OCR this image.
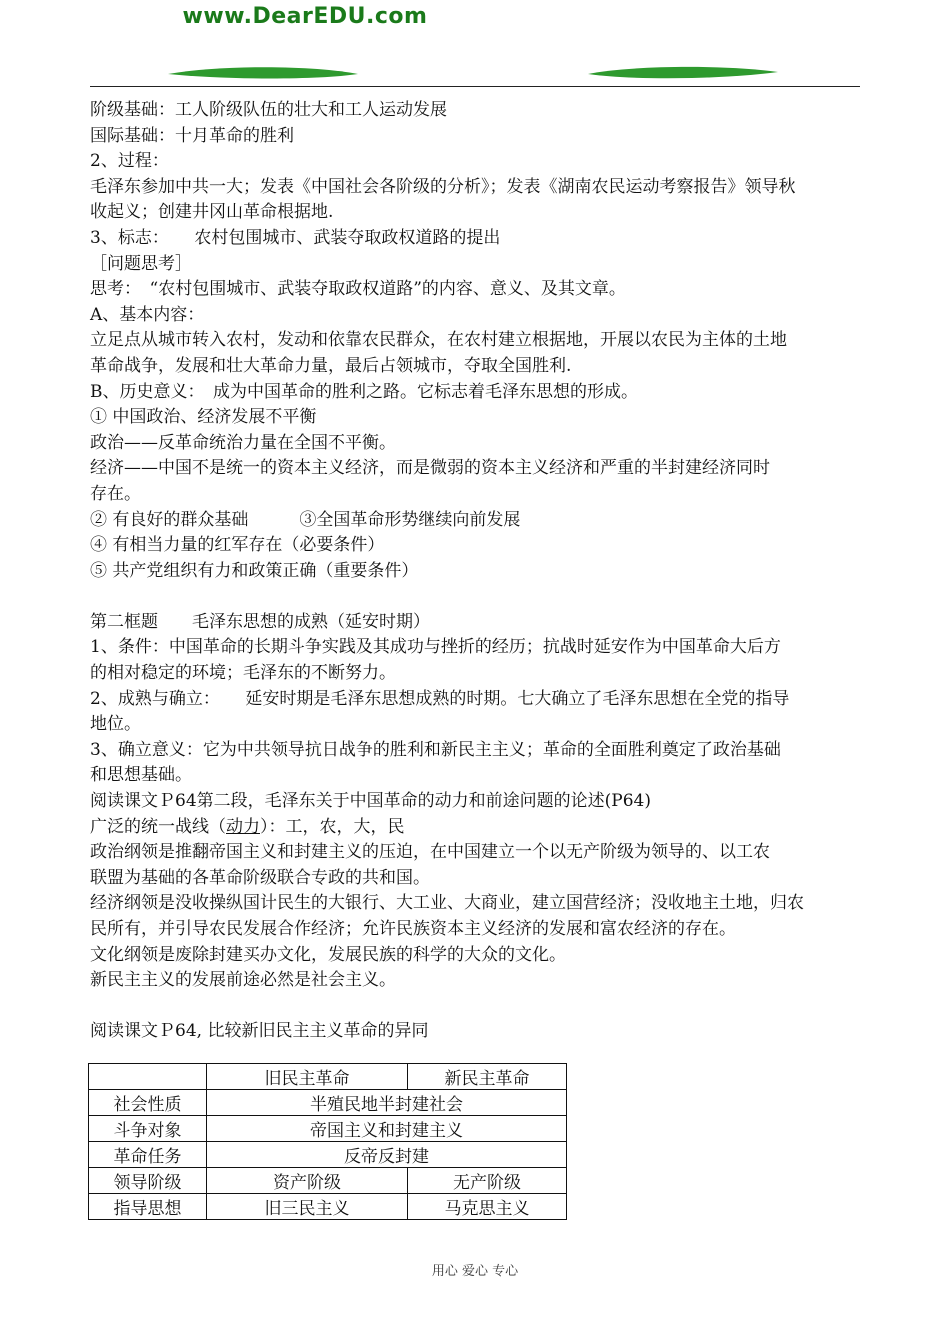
www.DearEDU.com

阶级基础：工人阶级队伍的壮大和工人运动发展

国际基础：十月革命的胜利

2、过程：

毛泽东参加中共一大；发表《中国社会各阶级的分析》；发表《湖南农民运动考察报告》领导秋

收起义；创建井冈山革命根据地.

3、标志：　　农村包围城市、武装夺取政权道路的提出

［问题思考］

思考：　“农村包围城市、武装夺取政权道路”的内容、意义、及其文章。

A、基本内容：

立足点从城市转入农村，发动和依靠农民群众，在农村建立根据地，开展以农民为主体的土地

革命战争，发展和壮大革命力量，最后占领城市，夺取全国胜利.

B、历史意义：　成为中国革命的胜利之路。它标志着毛泽东思想的形成。

① 中国政治、经济发展不平衡

政治——反革命统治力量在全国不平衡。

经济——中国不是统一的资本主义经济，而是微弱的资本主义经济和严重的半封建经济同时

存在。

② 有良好的群众基础　　　③全国革命形势继续向前发展

④ 有相当力量的红军存在（必要条件）

⑤ 共产党组织有力和政策正确（重要条件）

第二框题　　毛泽东思想的成熟（延安时期）

1、条件：中国革命的长期斗争实践及其成功与挫折的经历；抗战时延安作为中国革命大后方

的相对稳定的环境；毛泽东的不断努力。

2、成熟与确立：　　延安时期是毛泽东思想成熟的时期。七大确立了毛泽东思想在全党的指导

地位。

3、确立意义：它为中共领导抗日战争的胜利和新民主主义；革命的全面胜利奠定了政治基础

和思想基础。

阅读课文Ｐ64第二段，毛泽东关于中国革命的动力和前途问题的论述(P64)

广泛的统一战线（动力）：工，农，大，民

政治纲领是推翻帝国主义和封建主义的压迫，在中国建立一个以无产阶级为领导的、以工农

联盟为基础的各革命阶级联合专政的共和国。

经济纲领是没收操纵国计民生的大银行、大工业、大商业，建立国营经济；没收地主土地，归农

民所有，并引导农民发展合作经济；允许民族资本主义经济的发展和富农经济的存在。

文化纲领是废除封建买办文化，发展民族的科学的大众的文化。

新民主主义的发展前途必然是社会主义。

阅读课文Ｐ64, 比较新旧民主主义革命的异同

	旧民主革命	新民主革命
社会性质	半殖民地半封建社会	
斗争对象	帝国主义和封建主义	
革命任务	反帝反封建	
领导阶级	资产阶级	无产阶级
指导思想	旧三民主义	马克思主义
用心 爱心 专心
